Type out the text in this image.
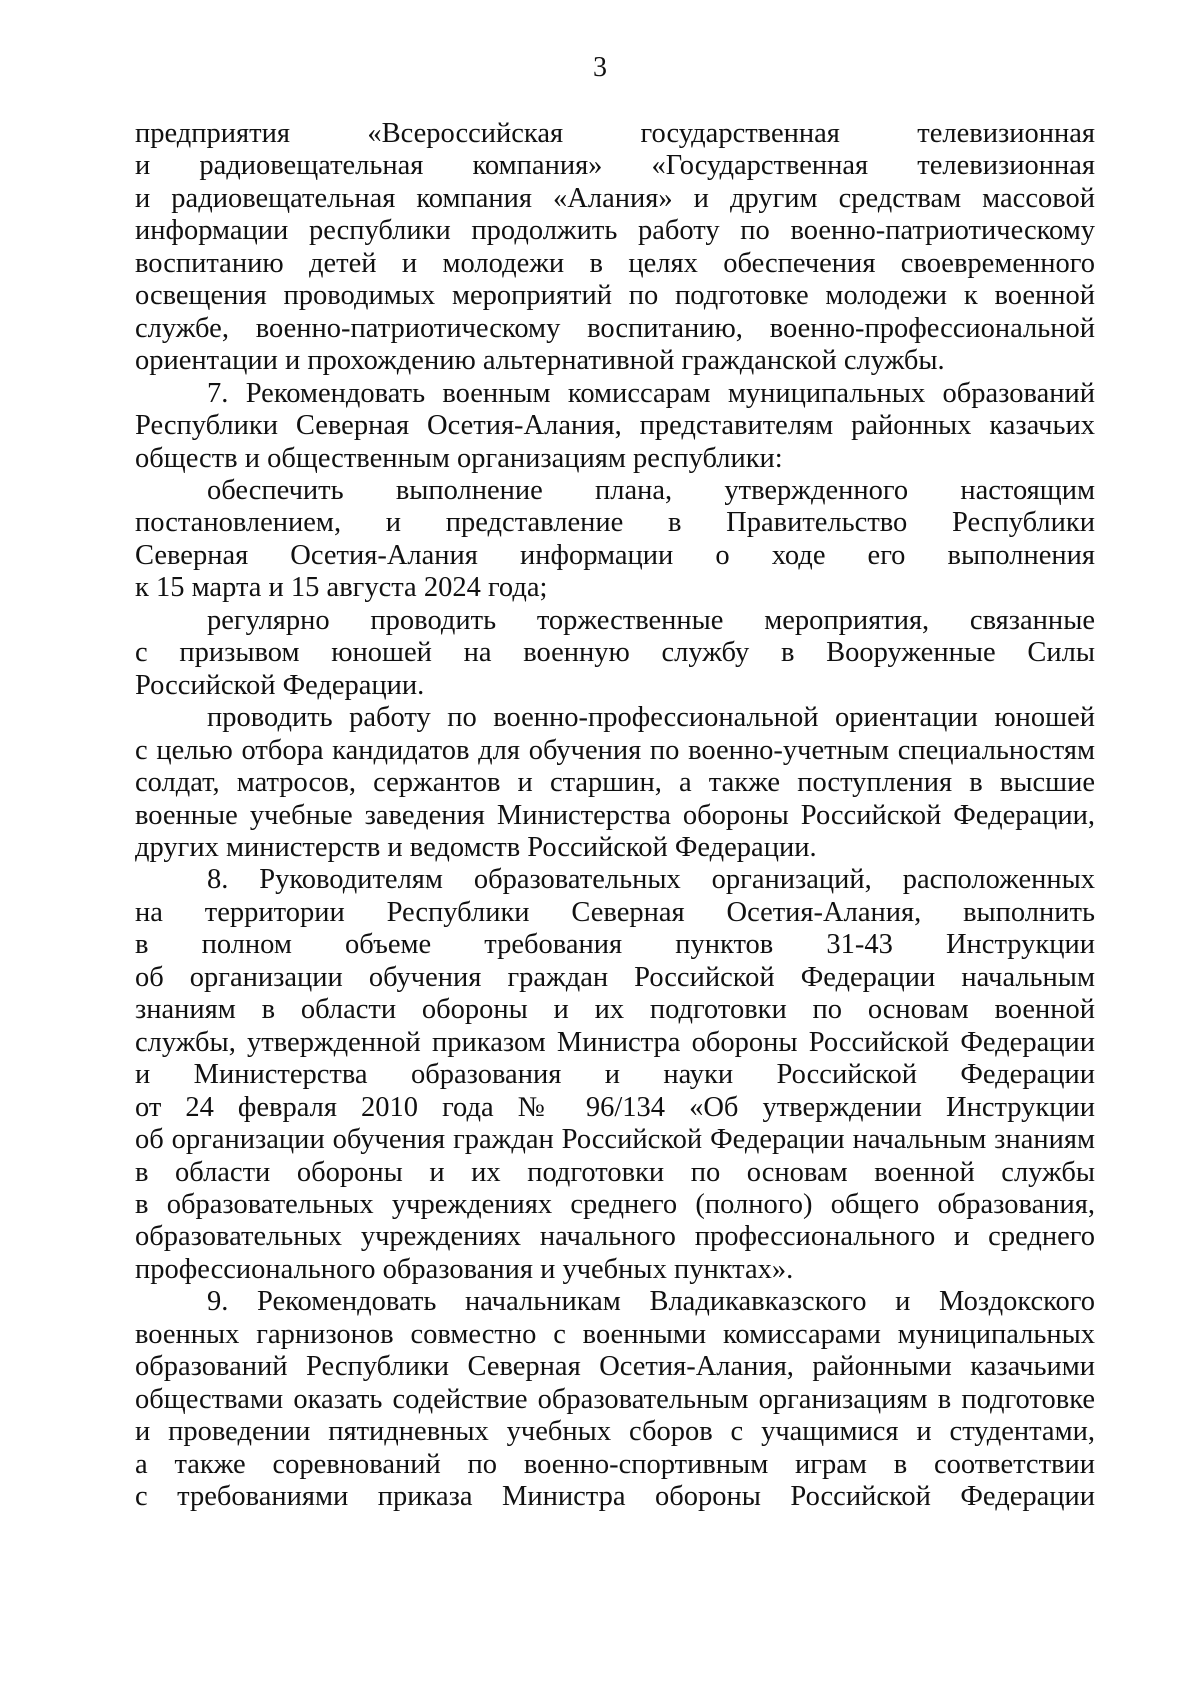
3

предприятия «Всероссийская государственная телевизионная

и радиовещательная компания» «Государственная телевизионная

и радиовещательная компания «Алания» и другим средствам массовой

информации республики продолжить работу по военно-патриотическому

воспитанию детей и молодежи в целях обеспечения своевременного

освещения проводимых мероприятий по подготовке молодежи к военной

службе, военно-патриотическому воспитанию, военно-профессиональной

ориентации и прохождению альтернативной гражданской службы.

7. Рекомендовать военным комиссарам муниципальных образований

Республики Северная Осетия-Алания, представителям районных казачьих

обществ и общественным организациям республики:

обеспечить выполнение плана, утвержденного настоящим

постановлением, и представление в Правительство Республики

Северная Осетия-Алания информации о ходе его выполнения

к 15 марта и 15 августа 2024 года;

регулярно проводить торжественные мероприятия, связанные

с призывом юношей на военную службу в Вооруженные Силы

Российской Федерации.

проводить работу по военно-профессиональной ориентации юношей

с целью отбора кандидатов для обучения по военно-учетным специальностям

солдат, матросов, сержантов и старшин, а также поступления в высшие

военные учебные заведения Министерства обороны Российской Федерации,

других министерств и ведомств Российской Федерации.

8. Руководителям образовательных организаций, расположенных

на территории Республики Северная Осетия-Алания, выполнить

в полном объеме требования пунктов 31-43 Инструкции

об организации обучения граждан Российской Федерации начальным

знаниям в области обороны и их подготовки по основам военной

службы, утвержденной приказом Министра обороны Российской Федерации

и Министерства образования и науки Российской Федерации

от 24 февраля 2010 года № 96/134 «Об утверждении Инструкции

об организации обучения граждан Российской Федерации начальным знаниям

в области обороны и их подготовки по основам военной службы

в образовательных учреждениях среднего (полного) общего образования,

образовательных учреждениях начального профессионального и среднего

профессионального образования и учебных пунктах».

9. Рекомендовать начальникам Владикавказского и Моздокского

военных гарнизонов совместно с военными комиссарами муниципальных

образований Республики Северная Осетия-Алания, районными казачьими

обществами оказать содействие образовательным организациям в подготовке

и проведении пятидневных учебных сборов с учащимися и студентами,

а также соревнований по военно-спортивным играм в соответствии

с требованиями приказа Министра обороны Российской Федерации
